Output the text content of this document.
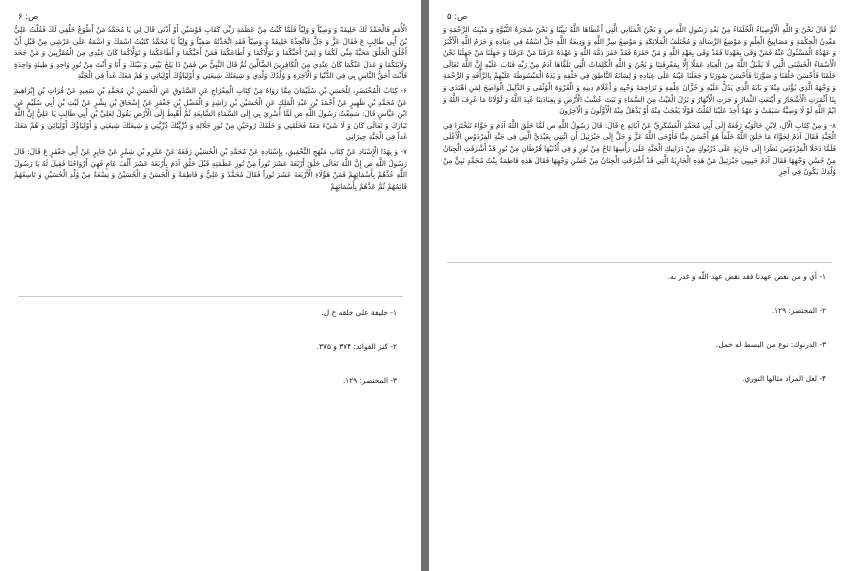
ص: ۶

الْأُمَمِ فَالْحَمْدُ لَكَ خَلِيفَةً وَ وَصِيّاً وَ وَلِيّاً فَلَمَّا كُنْتُ مِنْ عَظَمَةِ رَبِّي كَقَابِ قَوْسَيْنِ أَوْ أَدْنَى قَالَ لِي يَا مُحَمَّدُ مَنْ أَطْوَعُ خَلْقِي لَكَ فَقُلْتُ عَلِيُّ بْنُ أَبِي طَالِبٍ عَ فَقَالَ عَزَّ وَ جَلَّ فَاتَّخِذْهُ خَلِيفَةً وَ وَصِيّاً فَقَدِ اتَّخَذْتُهُ صَفِيّاً وَ وَلِيّاً يَا مُحَمَّدُ كَتَبْتُ اسْمَكَ وَ اسْمَهُ عَلَى عَرْشِي مِنْ قَبْلِ أَنْ أَخْلُقَ الْخَلْقَ مَحَبَّةً مِنِّي لَكُمَا وَ لِمَنْ أَحَبَّكُمَا وَ تَوَلَّاكُمَا وَ أَطَاعَكُمَا فَمَنْ أَحَبَّكُمَا وَ أَطَاعَكُمَا وَ تَوَلَّاكُمَا كَانَ عِنْدِي مِنَ الْمُقَرَّبِينَ وَ مَنْ جَحَدَ وَلَايَتَكُمَا وَ عَدَلَ عَنْكُمَا كَانَ عِنْدِي مِنَ الْكَافِرِينَ الضَّالِّينَ ثُمَّ قَالَ النَّبِيُّ ص فَمَنْ ذَا يَلِجُ بَيْنِي وَ بَيْنَكَ وَ أَنَا وَ أَنْتَ مِنْ نُورٍ وَاحِدٍ وَ طِينَةٍ وَاحِدَةٍ فَأَنْتَ أَحَقُّ النَّاسِ بِي فِي الدُّنْيَا وَ الْآخِرَةِ وَ وُلْدُكَ وُلْدِي وَ شِيعَتُكَ شِيعَتِي وَ أَوْلِيَاؤُكَ أَوْلِيَائِي وَ هُمْ مَعَكَ غَداً فِي الْجَنَّةِ

۶- كِتَابُ الْمُحْتَضَرِ، لِلْحَسَنِ بْنِ سُلَيْمَانَ مِمَّا رَوَاهُ مِنْ كِتَابِ الْمِعْرَاجِ عَنِ الصَّدُوقِ عَنِ الْحَسَنِ بْنِ مُحَمَّدِ بْنِ سَعِيدٍ عَنْ فُرَاتِ بْنِ إِبْرَاهِيمَ عَنْ مُحَمَّدِ بْنِ ظَهِيرٍ عَنْ أَحْمَدَ بْنِ عَبْدِ الْمَلِكِ عَنِ الْحُسَيْنِ بْنِ رَاشِدٍ وَ الْفَضْلِ بْنِ جَعْفَرٍ عَنْ إِسْحَاقَ بْنِ بِشْرٍ عَنْ لَيْثِ بْنِ أَبِي سُلَيْمٍ عَنِ ابْنِ عَبَّاسٍ قَالَ: سَمِعْتُ رَسُولَ اللَّهِ ص لَمَّا أُسْرِيَ بِي إِلَى السَّمَاءِ السَّابِعَةِ ثُمَّ أُهْبِطَ إِلَى الْأَرْضِ يَقُولُ لِعَلِيِّ بْنِ أَبِي طَالِبٍ يَا عَلِيُّ إِنَّ اللَّهَ تَبَارَكَ وَ تَعَالَى كَانَ وَ لَا شَيْءَ مَعَهُ فَخَلَقَنِي وَ خَلَقَكَ رُوحَيْنِ مِنْ نُورِ جَلَالِهِ وَ ذُرِّيَّتُكَ ذُرِّيَّتِي وَ شِيعَتُكَ شِيعَتِي وَ أَوْلِيَاؤُكَ أَوْلِيَائِي وَ هُمْ مَعَكَ غَداً فِي الْجَنَّةِ جِيرَانِي

۷- وَ بِهَذَا الْإِسْنَادِ عَنْ كِتَابِ مَنْهَجِ التَّحْقِيقِ، بِإِسْنَادِهِ عَنْ مُحَمَّدِ بْنِ الْحُسَيْنِ رَفَعَهُ عَنْ عَمْرِو بْنِ شِمْرٍ عَنْ جَابِرٍ عَنْ أَبِي جَعْفَرٍ عَ قَالَ: قَالَ رَسُولُ اللَّهِ ص إِنَّ اللَّهَ تَعَالَى خَلَقَ أَرْبَعَةَ عَشَرَ نُوراً مِنْ نُورِ عَظَمَتِهِ قَبْلَ خَلْقِ آدَمَ بِأَرْبَعَةَ عَشَرَ أَلْفَ عَامٍ فَهِيَ أَرْوَاحُنَا فَقِيلَ لَهُ يَا رَسُولَ اللَّهِ عُدَّهُمْ بِأَسْمَائِهِمْ فَمَنْ هَؤُلَاءِ الْأَرْبَعَةَ عَشَرَ نُوراً فَقَالَ مُحَمَّدٌ وَ عَلِيٌّ وَ فَاطِمَةُ وَ الْحَسَنُ وَ الْحُسَيْنُ وَ تِسْعَةٌ مِنْ وُلْدِ الْحُسَيْنِ وَ تَاسِعُهُمْ قَائِمُهُمْ ثُمَّ عَدَّهُمْ بِأَسْمَائِهِمْ

۱- خليفة على خلقه خ ل.
۲- كنز الفوائد: ۳۷۴ و ۳۷۵.
۳- المحتضر: ۱۲۹.
ص: ۵

ثُمَّ قَالَ نَحْنُ وَ اللَّهِ الْأَوْصِيَاءُ الْخُلَفَاءُ مِنْ بَعْدِ رَسُولِ اللَّهِ ص وَ نَحْنُ الْمَثَانِي الَّتِي أَعْطَاهَا اللَّهُ نَبِيَّنَا وَ نَحْنُ شَجَرَةُ النُّبُوَّةِ وَ مَنْبِتُ الرَّحْمَةِ وَ مَعْدِنُ الْحِكْمَةِ وَ مَصَابِيحُ الْعِلْمِ وَ مَوْضِعُ الرِّسَالَةِ وَ مُخْتَلَفُ الْمَلَائِكَةِ وَ مَوْضِعُ سِرِّ اللَّهِ وَ وَدِيعَةُ اللَّهِ جَلَّ اسْمُهُ فِي عِبَادِهِ وَ حَرَمُ اللَّهِ الْأَكْبَرُ وَ عَهْدُهُ الْمَسْئُولُ عَنْهُ فَمَنْ وَفَى بِعَهْدِنَا فَقَدْ وَفَى بِعَهْدِ اللَّهِ وَ مَنْ خَفَرَهُ فَقَدْ خَفَرَ ذِمَّةَ اللَّهِ وَ عَهْدَهُ عَرَفَنَا مَنْ عَرَفَنَا وَ جَهِلَنَا مَنْ جَهِلَنَا نَحْنُ الْأَسْمَاءُ الْحُسْنَى الَّتِي لَا يَقْبَلُ اللَّهُ مِنَ الْعِبَادِ عَمَلًا إِلَّا بِمَعْرِفَتِنَا وَ نَحْنُ وَ اللَّهِ الْكَلِمَاتُ الَّتِي تَلَقَّاهَا آدَمُ مِنْ رَبِّهِ فَتَابَ عَلَيْهِ إِنَّ اللَّهَ تَعَالَى خَلَقَنَا فَأَحْسَنَ خَلْقَنَا وَ صَوَّرَنَا فَأَحْسَنَ صُوَرَنَا وَ جَعَلَنَا عَيْنَهُ عَلَى عِبَادِهِ وَ لِسَانَهُ النَّاطِقَ فِي خَلْقِهِ وَ يَدَهُ الْمَبْسُوطَةَ عَلَيْهِمْ بِالرَّأْفَةِ وَ الرَّحْمَةِ وَ وَجْهَهُ الَّذِي يُؤْتَى مِنْهُ وَ بَابَهُ الَّذِي يَدُلُّ عَلَيْهِ وَ خُزَّانَ عِلْمِهِ وَ تَرَاجِمَةَ وَحْيِهِ وَ أَعْلَامَ دِينِهِ وَ الْعُرْوَةَ الْوُثْقَى وَ الدَّلِيلَ الْوَاضِحَ لِمَنِ اهْتَدَى وَ بِنَا أَثْمَرَتِ الْأَشْجَارُ وَ أَيْنَعَتِ الثِّمَارُ وَ جَرَتِ الْأَنْهَارُ وَ نَزَلَ الْغَيْثُ مِنَ السَّمَاءِ وَ نَبَتَ عُشْبُ الْأَرْضِ وَ بِعِبَادَتِنَا عُبِدَ اللَّهُ وَ لَوْلَانَا مَا عُرِفَ اللَّهُ وَ ايْمُ اللَّهِ لَوْ لَا وَصِيَّةٌ سَبَقَتْ وَ عَهْدٌ أُخِذَ عَلَيْنَا لَقُلْتُ قَوْلًا يَعْجَبُ مِنْهُ أَوْ يُذْهَلُ مِنْهُ الْأَوَّلُونَ وَ الْآخِرُونَ

۸- وَ مِنْ كِتَابِ الْآلِ، لِابْنِ خَالَوَيْهِ رَفَعَهُ إِلَى أَبِي مُحَمَّدٍ الْعَسْكَرِيِّ عَنْ آبَائِهِ ع قَالَ: قَالَ رَسُولُ اللَّهِ ص لَمَّا خَلَقَ اللَّهُ آدَمَ وَ حَوَّاءَ تَبَخْتَرَا فِي الْجَنَّةِ فَقَالَ آدَمُ لِحَوَّاءَ مَا خَلَقَ اللَّهُ خَلْقاً هُوَ أَحْسَنَ مِنَّا فَأَوْحَى اللَّهُ عَزَّ وَ جَلَّ إِلَى جَبْرَئِيلَ أَنِ ائْتِنِي بِعَبْدَيَّ الَّتِي فِي جَنَّةِ الْفِرْدَوْسِ الْأَعْلَى فَلَمَّا دَخَلَا الْفِرْدَوْسَ نَظَرَا إِلَى جَارِيَةٍ عَلَى دُرْنُوكٍ مِنْ دَرَانِيكِ الْجَنَّةِ عَلَى رَأْسِهَا تَاجٌ مِنْ نُورٍ وَ فِي أُذُنَيْهَا قُرْطَانِ مِنْ نُورٍ قَدْ أَشْرَقَتِ الْجِنَانُ مِنْ حُسْنِ وَجْهِهَا فَقَالَ آدَمُ حَبِيبِي جَبْرَئِيلُ مَنْ هَذِهِ الْجَارِيَةُ الَّتِي قَدْ أَشْرَقَتِ الْجِنَانُ مِنْ حُسْنِ وَجْهِهَا فَقَالَ هَذِهِ فَاطِمَةُ بِنْتُ مُحَمَّدٍ نَبِيٍّ مِنْ وُلْدِكَ يَكُونُ فِي آخِرِ

۱- أي و من نقض عهدنا فقد نقض عهد اللّه و غدر به.
۲- المحتضر: ۱۲۹.
۳- الدرنوك: نوع من البسط له خمل.
۴- لعل المراد مثالها النوري.
